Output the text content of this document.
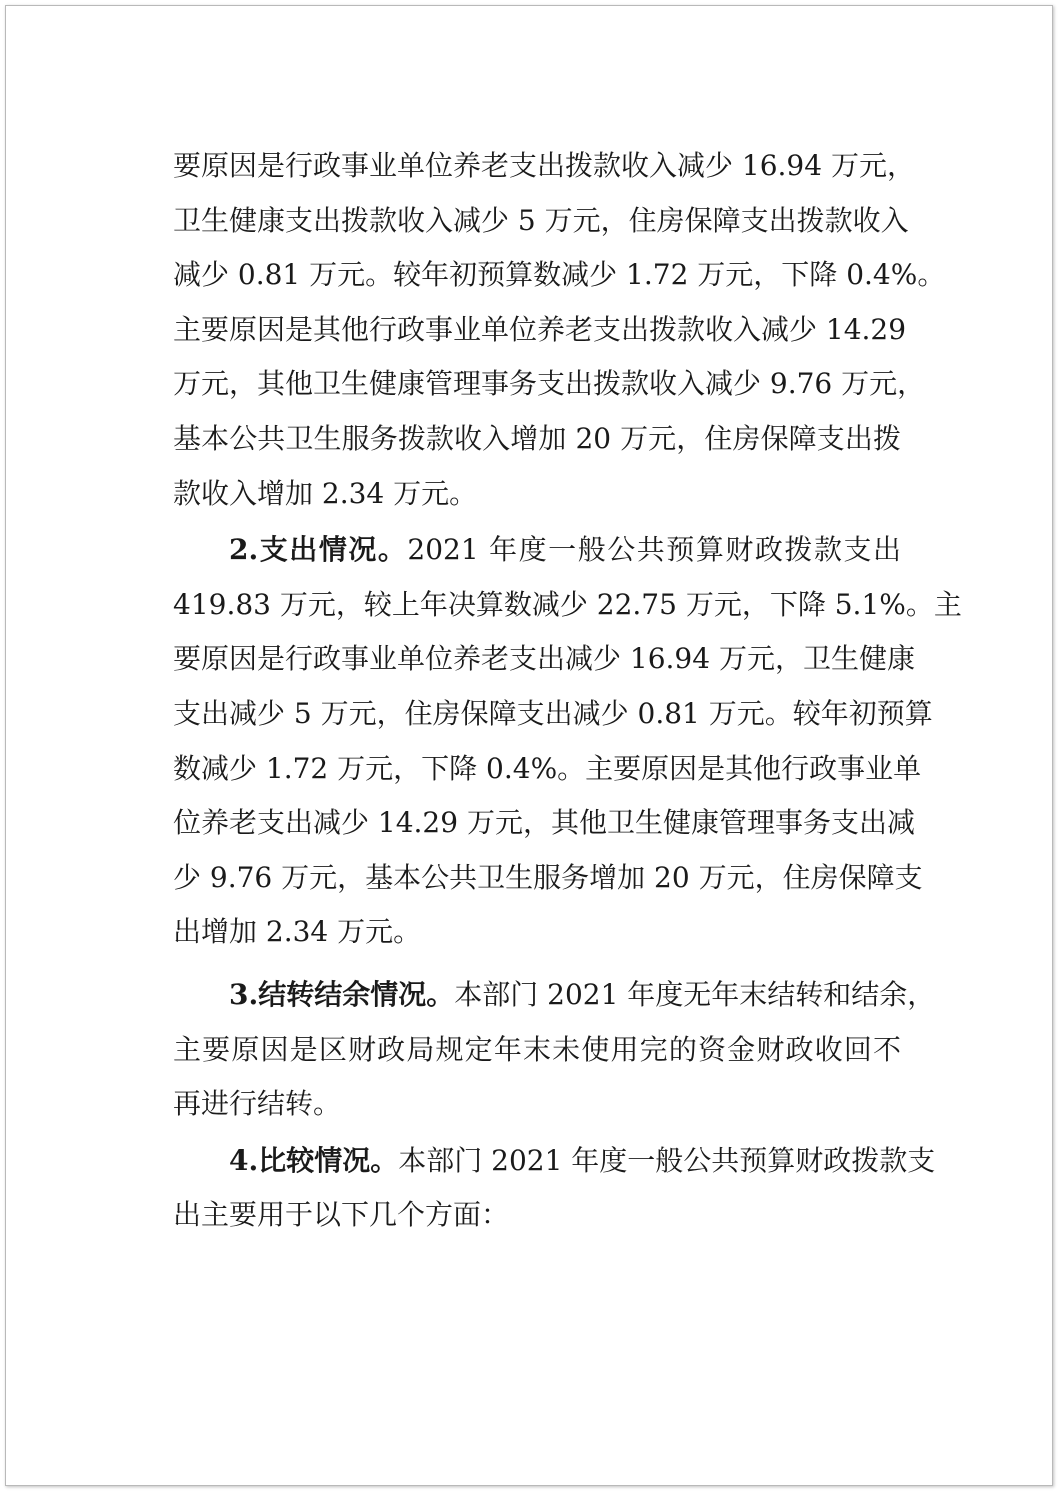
要原因是行政事业单位养老支出拨款收入减少 16.94 万元，
卫生健康支出拨款收入减少 5 万元，住房保障支出拨款收入
减少 0.81 万元。较年初预算数减少 1.72 万元，下降 0.4%。
主要原因是其他行政事业单位养老支出拨款收入减少 14.29
万元，其他卫生健康管理事务支出拨款收入减少 9.76 万元，
基本公共卫生服务拨款收入增加 20 万元，住房保障支出拨
款收入增加 2.34 万元。
2.支出情况。2021 年度一般公共预算财政拨款支出
419.83 万元，较上年决算数减少 22.75 万元，下降 5.1%。主
要原因是行政事业单位养老支出减少 16.94 万元，卫生健康
支出减少 5 万元，住房保障支出减少 0.81 万元。较年初预算
数减少 1.72 万元，下降 0.4%。主要原因是其他行政事业单
位养老支出减少 14.29 万元，其他卫生健康管理事务支出减
少 9.76 万元，基本公共卫生服务增加 20 万元，住房保障支
出增加 2.34 万元。
3.结转结余情况。本部门 2021 年度无年末结转和结余，
主要原因是区财政局规定年末未使用完的资金财政收回不
再进行结转。
4.比较情况。本部门 2021 年度一般公共预算财政拨款支
出主要用于以下几个方面：
